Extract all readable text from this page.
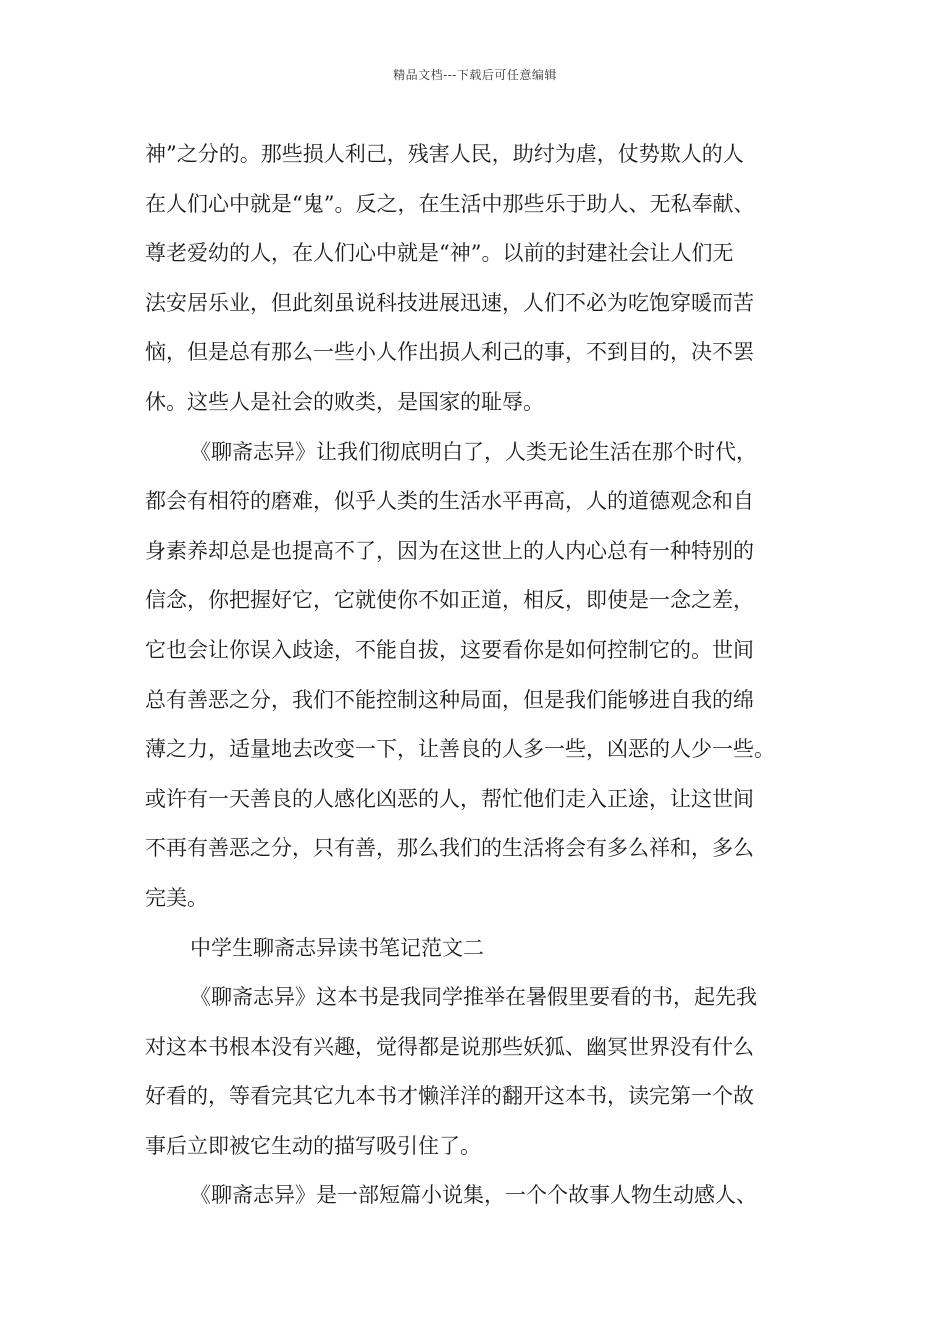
精品文档---下载后可任意编辑
神”之分的。那些损人利己，残害人民，助纣为虐，仗势欺人的人
在人们心中就是“鬼”。反之，在生活中那些乐于助人、无私奉献、
尊老爱幼的人，在人们心中就是“神”。以前的封建社会让人们无
法安居乐业，但此刻虽说科技进展迅速，人们不必为吃饱穿暖而苦
恼，但是总有那么一些小人作出损人利己的事，不到目的，决不罢
休。这些人是社会的败类，是国家的耻辱。
《聊斋志异》让我们彻底明白了，人类无论生活在那个时代，
都会有相符的磨难，似乎人类的生活水平再高，人的道德观念和自
身素养却总是也提高不了，因为在这世上的人内心总有一种特别的
信念，你把握好它，它就使你不如正道，相反，即使是一念之差，
它也会让你误入歧途，不能自拔，这要看你是如何控制它的。世间
总有善恶之分，我们不能控制这种局面，但是我们能够进自我的绵
薄之力，适量地去改变一下，让善良的人多一些，凶恶的人少一些。
或许有一天善良的人感化凶恶的人，帮忙他们走入正途，让这世间
不再有善恶之分，只有善，那么我们的生活将会有多么祥和，多么
完美。
中学生聊斋志异读书笔记范文二
《聊斋志异》这本书是我同学推举在暑假里要看的书，起先我
对这本书根本没有兴趣，觉得都是说那些妖狐、幽冥世界没有什么
好看的，等看完其它九本书才懒洋洋的翻开这本书，读完第一个故
事后立即被它生动的描写吸引住了。
《聊斋志异》是一部短篇小说集，一个个故事人物生动感人、
